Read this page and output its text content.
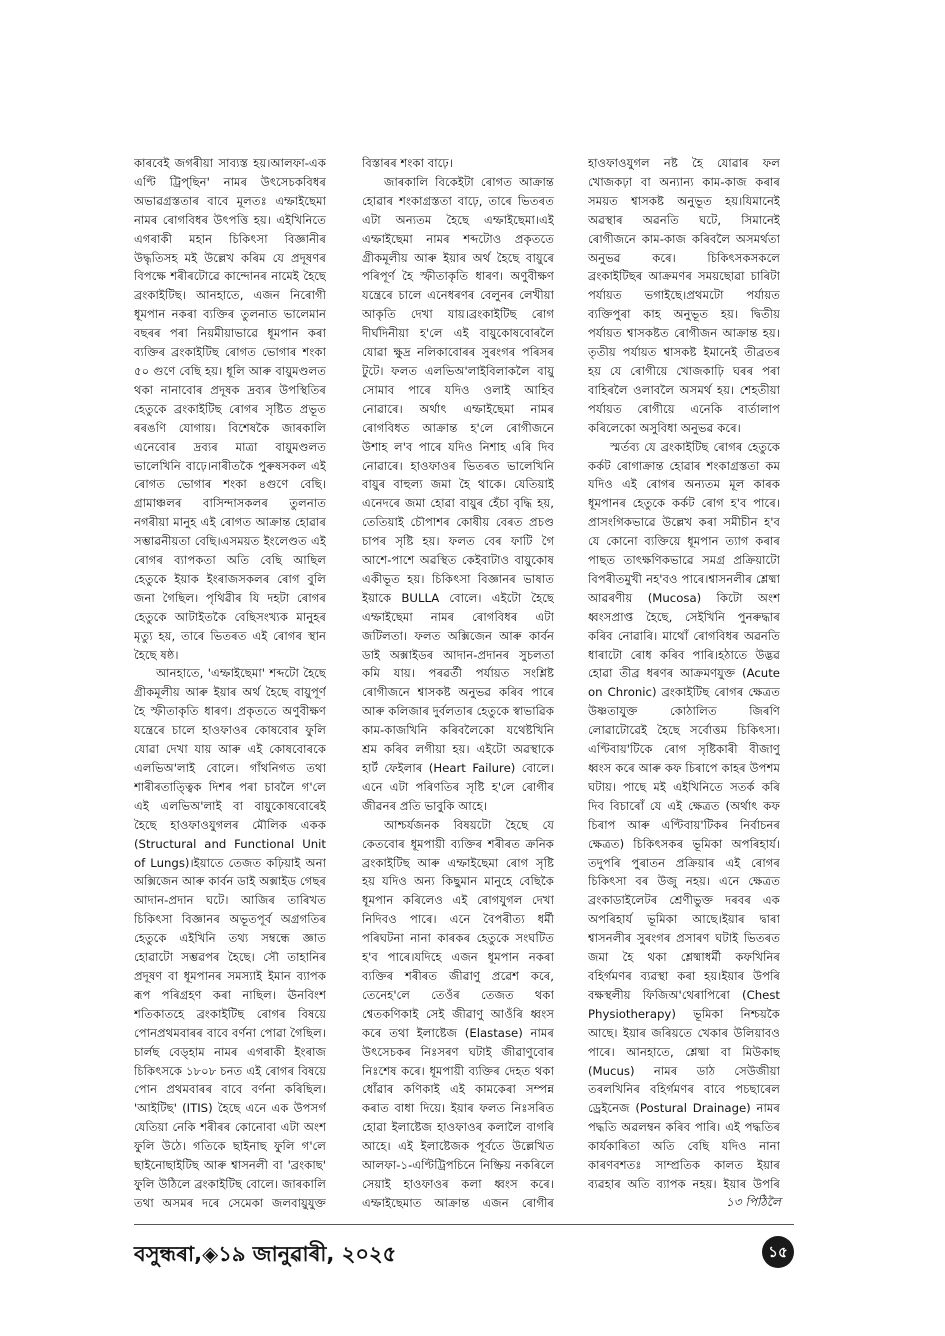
কাৰবেই জগৰীয়া সাব্যস্ত হয়।আলফা-এক এণ্টি ট্ৰিপ্‌ছিন' নামৰ উৎসেচকবিধৰ অভাৱগ্ৰস্ততাৰ বাবে মূলতঃ এম্ফাইছেমা নামৰ ৰোগবিধৰ উৎপত্তি হয়। এইখিনিতে এগৰাকী মহান চিকিৎসা বিজ্ঞানীৰ উদ্ধৃতিসহ মই উল্লেখ কৰিম যে প্ৰদূষণৰ বিপক্ষে শৰীৰটোৱে কান্দোনৰ নামেই হৈছে ব্ৰংকাইটিছ। আনহাতে, এজন নিৰোগী ধূমপান নকৰা ব্যক্তিৰ তুলনাত ভালেমান বছৰৰ পৰা নিয়মীয়াভাৱে ধূমপান কৰা ব্যক্তিৰ ব্ৰংকাইটিছ ৰোগত ভোগাৰ শংকা ৫০ গুণে বেছি হয়। ধূলি আৰু বায়ুমণ্ডলত থকা নানাবোৰ প্ৰদূষক দ্ৰব্যৰ উপস্থিতিৰ হেতুকে ব্ৰংকাইটিছ ৰোগৰ সৃষ্টিত প্ৰভূত ৰৰঙণি যোগায়। বিশেষকৈ জাৰকালি এনেবোৰ দ্ৰব্যৰ মাত্ৰা বায়ুমণ্ডলত ভালেখিনি বাঢ়ে।নাৰীতকৈ পুৰুষসকল এই ৰোগত ভোগাৰ শংকা ৪গুণে বেছি। গ্ৰামাঞ্চলৰ বাসিন্দাসকলৰ তুলনাত নগৰীয়া মানুহ এই ৰোগত আক্ৰান্ত হোৱাৰ সম্ভাৱনীয়তা বেছি।এসময়ত ইংলেণ্ডত এই ৰোগৰ ব্যাপকতা অতি বেছি আছিল হেতুকে ইয়াক ইংৰাজসকলৰ ৰোগ বুলি জনা গৈছিল। পৃথিৱীৰ যি দহটা ৰোগৰ হেতুকে আটাইতকৈ বেছিসংখ্যক মানুহৰ মৃত্যু হয়, তাৰে ভিতৰত এই ৰোগৰ স্থান হৈছে ষষ্ঠ।

আনহাতে, 'এম্ফাইছেমা' শব্দটো হৈছে গ্ৰীকমূলীয় আৰু ইয়াৰ অৰ্থ হৈছে বায়ুপূৰ্ণ হৈ স্ফীতাকৃতি ধাৰণ। প্ৰকৃততে অণুবীক্ষণ যন্ত্ৰেৰে চালে হাওফাওৰ কোষবোৰ ফুলি যোৱা দেখা যায় আৰু এই কোষবোৰকে এলভিঅ'লাই বোলে। গাঁথনিগত তথা শাৰীৰতাত্ত্বিক দিশৰ পৰা চাবলৈ গ'লে এই এলভিঅ'লাই বা বায়ুকোষবোৰেই হৈছে হাওফাওযুগলৰ মৌলিক একক (Structural and Functional Unit of Lungs)।ইয়াতে তেজত কঢ়িয়াই অনা অক্সিজেন আৰু কাৰ্বন ডাই অক্সাইড গেছৰ আদান-প্ৰদান ঘটে। আজিৰ তাৰিখত চিকিৎসা বিজ্ঞানৰ অভূতপূৰ্ব অগ্ৰগতিৰ হেতুকে এইখিনি তথ্য সম্বন্ধে জ্ঞাত হোৱাটো সম্ভৱপৰ হৈছে। সৌ তাহানিৰ প্ৰদূষণ বা ধূমপানৰ সমস্যাই ইমান ব্যাপক ৰূপ পৰিগ্ৰহণ কৰা নাছিল। ঊনবিংশ শতিকাতহে ব্ৰংকাইটিছ ৰোগৰ বিষয়ে পোনপ্ৰথমবাৰৰ বাবে বৰ্ণনা পোৱা গৈছিল। চাৰ্লছ বেড্‌হাম নামৰ এগৰাকী ইংৰাজ চিকিৎসকে ১৮০৮ চনত এই ৰোগৰ বিষয়ে পোন প্ৰথমবাৰৰ বাবে বৰ্ণনা কৰিছিল। 'আইটিছ' (ITIS) হৈছে এনে এক উপসৰ্গ যেতিয়া নেকি শৰীৰৰ কোনোবা এটা অংশ ফুলি উঠে। গতিকে ছাইনাছ ফুলি গ'লে ছাইনোছাইটিছ আৰু শ্বাসনলী বা 'ব্ৰংকাছ' ফুলি উঠিলে ব্ৰংকাইটিছ বোলে। জাৰকালি তথা অসমৰ দৰে সেমেকা জলবায়ুযুক্ত

বিস্তাৰৰ শংকা বাঢ়ে।

জাৰকালি বিকেইটা ৰোগত আক্ৰান্ত হোৱাৰ শংকাগ্ৰস্ততা বাঢ়ে, তাৰে ভিতৰত এটা অন্যতম হৈছে এম্ফাইছেমা।এই এম্ফাইছেমা নামৰ শব্দটোও প্ৰকৃততে গ্ৰীকমূলীয় আৰু ইয়াৰ অৰ্থ হৈছে বায়ুৰে পৰিপূৰ্ণ হৈ স্ফীতাকৃতি ধাৰণ। অণুবীক্ষণ যন্ত্ৰেৰে চালে এনেধৰণৰ বেলুনৰ লেখীয়া আকৃতি দেখা যায়।ব্ৰংকাইটিছ ৰোগ দীৰ্ঘদিনীয়া হ'লে এই বায়ুকোষবোৰলৈ যোৱা ক্ষুদ্ৰ নলিকাবোৰৰ সুৰংগৰ পৰিসৰ টুটে। ফলত এলভিঅ'লাইবিলাকলৈ বায়ু সোমাব পাৰে যদিও ওলাই আহিব নোৱাৰে। অৰ্থাৎ এম্ফাইছেমা নামৰ ৰোগবিধত আক্ৰান্ত হ'লে ৰোগীজনে উশাহ ল'ব পাৰে যদিও নিশাহ এৰি দিব নোৱাৰে। হাওফাওৰ ভিতৰত ভালেখিনি বায়ুৰ বাহুল্য জমা হৈ থাকে। যেতিয়াই এনেদৰে জমা হোৱা বায়ুৰ হেঁচা বৃদ্ধি হয়, তেতিয়াই চৌপাশৰ কোষীয় বেৰত প্ৰচণ্ড চাপৰ সৃষ্টি হয়। ফলত বেৰ ফাটি গৈ আশে-পাশে অৱস্থিত কেইবাটাও বায়ুকোষ একীভূত হয়। চিকিৎসা বিজ্ঞানৰ ভাষাত ইয়াকে BULLA বোলে। এইটো হৈছে এম্ফাইছেমা নামৰ ৰোগবিধৰ এটা জটিলতা। ফলত অক্সিজেন আৰু কাৰ্বন ডাই অক্সাইডৰ আদান-প্ৰদানৰ সুচলতা কমি যায়। পৰৱৰ্তী পৰ্যায়ত সংশ্লিষ্ট ৰোগীজনে শ্বাসকষ্ট অনুভৱ কৰিব পাৰে আৰু কলিজাৰ দুৰ্বলতাৰ হেতুকে স্বাভাৱিক কাম-কাজখিনি কৰিবলৈকো যথেষ্টখিনি শ্ৰম কৰিব লগীয়া হয়। এইটো অৱস্থাকে হাৰ্ট ফেইলাৰ (Heart Failure) বোলে। এনে এটা পৰিণতিৰ সৃষ্টি হ'লে ৰোগীৰ জীৱনৰ প্ৰতি ভাবুকি আহে।

আশ্চৰ্যজনক বিষয়টো হৈছে যে কেতবোৰ ধূমপায়ী ব্যক্তিৰ শৰীৰত ক্ৰনিক ব্ৰংকাইটিছ আৰু এম্ফাইছেমা ৰোগ সৃষ্টি হয় যদিও অন্য কিছুমান মানুহে বেছিকৈ ধূমপান কৰিলেও এই ৰোগযুগল দেখা নিদিবও পাৰে। এনে বৈপৰীত্য ধৰ্মী পৰিঘটনা নানা কাৰকৰ হেতুকে সংঘটিত হ'ব পাৰে।যদিহে এজন ধূমপান নকৰা ব্যক্তিৰ শৰীৰত জীৱাণু প্ৰৱেশ কৰে, তেনেহ'লে তেওঁৰ তেজত থকা শ্বেতকণিকাই সেই জীৱাণু আওঁৰি ধ্বংস কৰে তথা ইলাষ্টেজ (Elastase) নামৰ উৎসেচকৰ নিঃসৰণ ঘটাই জীৱাণুবোৰ নিঃশেষ কৰে। ধূমপায়ী ব্যক্তিৰ দেহত থকা ধোঁৱাৰ কণিকাই এই কামকেৰা সম্পন্ন কৰাত বাধা দিয়ে। ইয়াৰ ফলত নিঃসৰিত হোৱা ইলাষ্টেজ হাওফাওৰ কলালৈ বাগৰি আহে। এই ইলাষ্টেজক পূৰ্বতে উল্লেখিত আলফা-১-এণ্টিট্ৰিপচিনে নিষ্ক্ৰিয় নকৰিলে সেয়াই হাওফাওৰ কলা ধ্বংস কৰে। এম্ফাইছেমাত আক্ৰান্ত এজন ৰোগীৰ

হাওফাওযুগল নষ্ট হৈ যোৱাৰ ফল খোজকঢ়া বা অন্যান্য কাম-কাজ কৰাৰ সময়ত শ্বাসকষ্ট অনুভূত হয়।যিমানেই অৱস্থাৰ অৱনতি ঘটে, সিমানেই ৰোগীজনে কাম-কাজ কৰিবলৈ অসমৰ্থতা অনুভৱ কৰে। চিকিৎসকসকলে ব্ৰংকাইটিছৰ আক্ৰমণৰ সময়ছোৱা চাৰিটা পৰ্যায়ত ভগাইছে।প্ৰথমটো পৰ্যায়ত ব্যক্তিপুৰা কাহ অনুভূত হয়। দ্বিতীয় পৰ্যায়ত শ্বাসকষ্টত ৰোগীজন আক্ৰান্ত হয়। তৃতীয় পৰ্যায়ত শ্বাসকষ্ট ইমানেই তীব্ৰতৰ হয় যে ৰোগীয়ে খোজকাঢ়ি ঘৰৰ পৰা বাহিৰলৈ ওলাবলৈ অসমৰ্থ হয়। শেহতীয়া পৰ্যায়ত ৰোগীয়ে এনেকি বাৰ্তালাপ কৰিলেকো অসুবিধা অনুভৱ কৰে।

স্মৰ্তব্য যে ব্ৰংকাইটিছ ৰোগৰ হেতুকে কৰ্কট ৰোগাক্ৰান্ত হোৱাৰ শংকাগ্ৰস্ততা কম যদিও এই ৰোগৰ অন্যতম মূল কাৰক ধূমপানৰ হেতুকে কৰ্কট ৰোগ হ'ব পাৰে। প্ৰাসংগিকভাৱে উল্লেখ কৰা সমীচীন হ'ব যে কোনো ব্যক্তিয়ে ধূমপান ত্যাগ কৰাৰ পাছত তাৎক্ষণিকভাৱে সমগ্ৰ প্ৰক্ৰিয়াটো বিপৰীতমুখী নহ'বও পাৰে।শ্বাসনলীৰ শ্লেষ্মা আৱৰণীয় (Mucosa) কিটো অংশ ধ্বংসপ্ৰাপ্ত হৈছে, সেইখিনি পুনৰুদ্ধাৰ কৰিব নোৱাৰি। মাথোঁ ৰোগবিধৰ অৱনতি ধাৰাটো ৰোধ কৰিব পাৰি।হঠাতে উদ্ভৱ হোৱা তীব্ৰ ধৰণৰ আক্ৰমণযুক্ত (Acute on Chronic) ব্ৰংকাইটিছ ৰোগৰ ক্ষেত্ৰত উষ্ণতাযুক্ত কোঠালিত জিৰণি লোৱাটোৱেই হৈছে সৰ্বোত্তম চিকিৎসা। এণ্টিবায়'টিকে ৰোগ সৃষ্টিকাৰী বীজাণু ধ্বংস কৰে আৰু কফ চিৰাপে কাহৰ উপশম ঘটায়। পাছে মই এইখিনিতে সতৰ্ক কৰি দিব বিচাৰোঁ যে এই ক্ষেত্ৰত (অৰ্থাৎ কফ চিৰাপ আৰু এণ্টিবায়'টিকৰ নিৰ্বাচনৰ ক্ষেত্ৰত) চিকিৎসকৰ ভূমিকা অপৰিহাৰ্য। তদুপৰি পুৰাতন প্ৰক্ৰিয়াৰ এই ৰোগৰ চিকিৎসা বৰ উজু নহয়। এনে ক্ষেত্ৰত ব্ৰংকাডাইলেটৰ শ্ৰেণীভুক্ত দৰবৰ এক অপৰিহাৰ্য ভূমিকা আছে।ইয়াৰ দ্বাৰা শ্বাসনলীৰ সুৰংগৰ প্ৰসাৰণ ঘটাই ভিতৰত জমা হৈ থকা শ্লেষ্মাধৰ্মী কফখিনিৰ বহিৰ্গমণৰ ব্যৱস্থা কৰা হয়।ইয়াৰ উপৰি বক্ষস্থলীয় ফিজিঅ'থেৰাপিৰো (Chest Physiotherapy) ভূমিকা নিশ্চয়কৈ আছে। ইয়াৰ জৰিয়তে খেকাৰ উলিয়াবও পাৰে। আনহাতে, শ্লেষ্মা বা মিউকাছ (Mucus) নামৰ ডাঠ সেউজীয়া তৰলখিনিৰ বহিৰ্গমণৰ বাবে পচছাৰেল ড্ৰেইনেজ (Postural Drainage) নামৰ পদ্ধতি অৱলম্বন কৰিব পাৰি। এই পদ্ধতিৰ কাৰ্যকাৰিতা অতি বেছি যদিও নানা কাৰণবশতঃ সাম্প্ৰতিক কালত ইয়াৰ ব্যৱহাৰ অতি ব্যাপক নহয়। ইয়াৰ উপৰি

১৩ পিঠিলৈ
বসুন্ধৰা,◈১৯ জানুৱাৰী, ২০২৫	১৫
